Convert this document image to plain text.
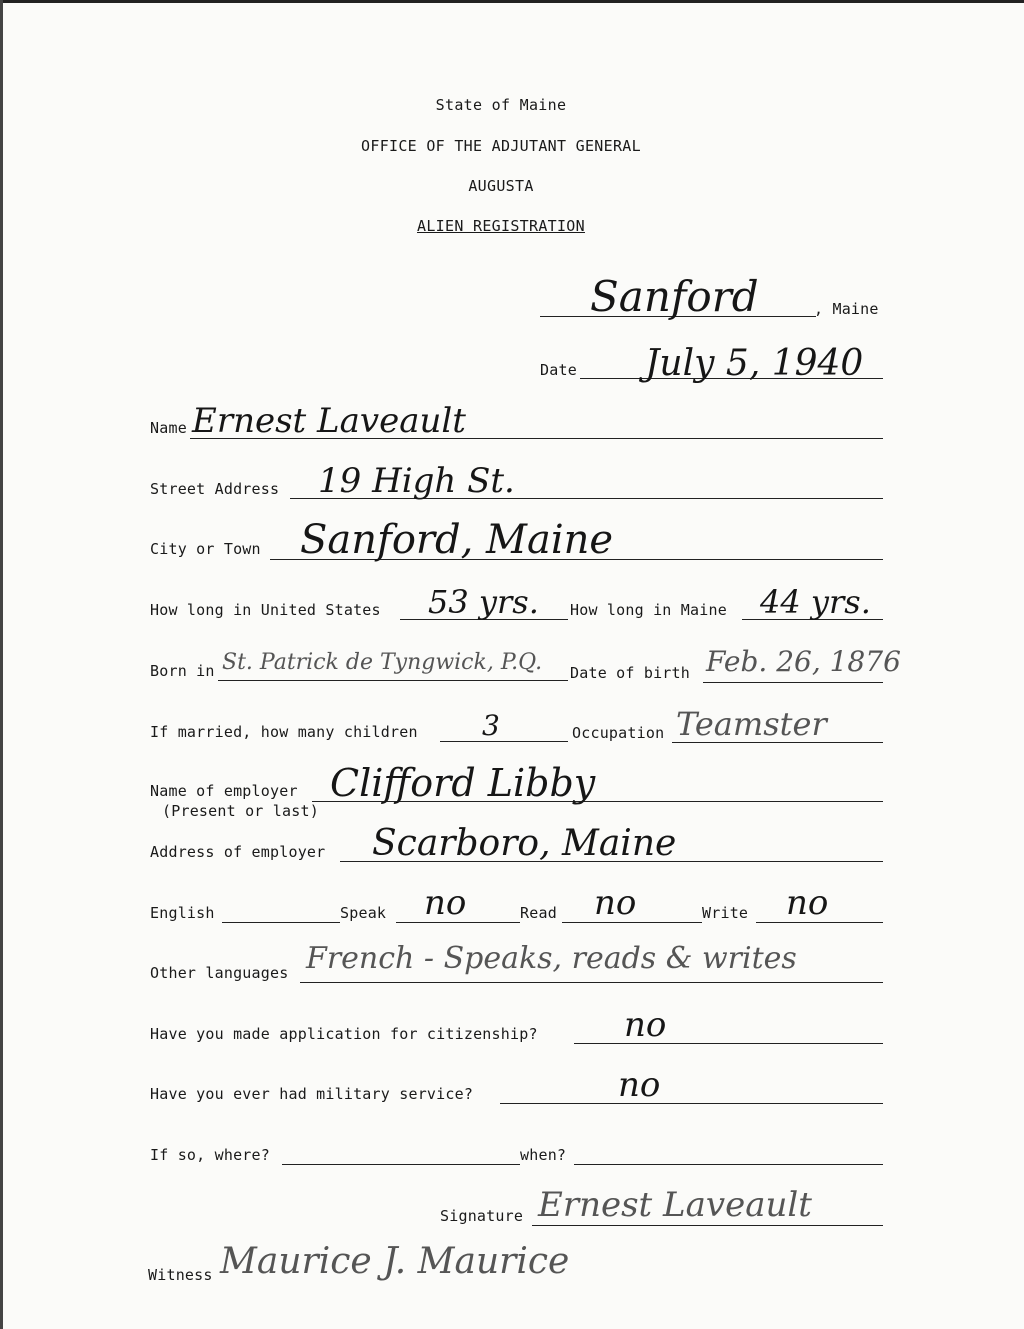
State of Maine
OFFICE OF THE ADJUTANT GENERAL
AUGUSTA
ALIEN REGISTRATION
Sanford	, Maine
Date July 5, 1940
Name Ernest Laveault
Street Address 19 High St.
City or Town Sanford, Maine
How long in United States 53 yrs. How long in Maine 44 yrs.
Born in St. Patrick de Tyngwick, P.Q. Date of birth Feb. 26, 1876
If married, how many children 3	Occupation Teamster
Name of employer
(Present or last)
Clifford Libby
Address of employer Scarboro, Maine
English	Speak no	Read no	Write no
Other languages French - Speaks, reads & writes
Have you made application for citizenship?	no
Have you ever had military service?	no
If so, where?	when?
Signature Ernest Laveault
Witness Maurice J. Maurice
